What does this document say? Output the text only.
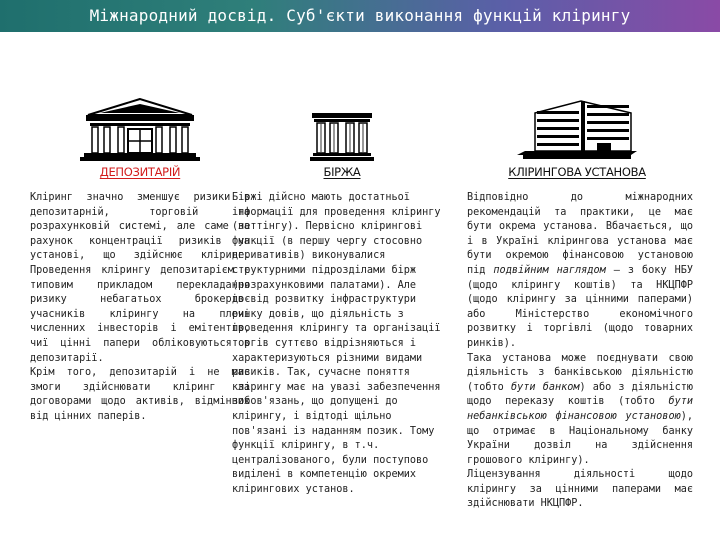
Міжнародний досвід. Суб'єкти виконання функцій клірингу
ДЕПОЗИТАРІЙ

Кліринг значно зменшує ризики в депозитарній, торговій та розрахунковій системі, але саме за рахунок концентрації ризиків на установі, що здійснює кліринг. Проведення клірингу депозитарієм є типовим прикладом перекладання ризику небагатьох брокерів-учасників клірингу на плечі численних інвесторів і емітентів, чиї цінні папери обліковуються в депозитарії.

Крім того, депозитарій і не має змоги здійснювати кліринг за договорами щодо активів, відмінних від цінних паперів.

БІРЖА

Біржі дійсно мають достатньої інформації для проведення клірингу (неттінгу). Первісно клірингові функції (в першу чергу стосовно деривативів) виконувалися структурними підрозділами бірж (розрахунковими палатами). Але досвід розвитку інфраструктури ринку довів, що діяльність з проведення клірингу та організації торгів суттєво відрізняються і характеризуються різними видами ризиків. Так, сучасне поняття клірингу має на увазі забезпечення зобов'язань, що допущені до клірингу, і відтоді щільно пов'язані із наданням позик. Тому функції клірингу, в т.ч. централізованого, були поступово виділені в компетенцію окремих клірингових установ.

КЛІРИНГОВА УСТАНОВА

Відповідно до міжнародних рекомендацій та практики, це має бути окрема установа. Вбачається, що і в Україні клірингова установа має бути окремою фінансовою установою під подвійним наглядом – з боку НБУ (щодо клірингу коштів) та НКЦПФР (щодо клірингу за цінними паперами) або Міністерство економічного розвитку і торгівлі (щодо товарних ринків).

Така установа може поєднувати свою діяльність з банківською діяльністю (тобто бути банком) або з діяльністю щодо переказу коштів (тобто бути небанківською фінансовою установою), що отримає в Національному банку України дозвіл на здійснення грошового клірингу).

Ліцензування діяльності щодо клірингу за цінними паперами має здійснювати НКЦПФР.
